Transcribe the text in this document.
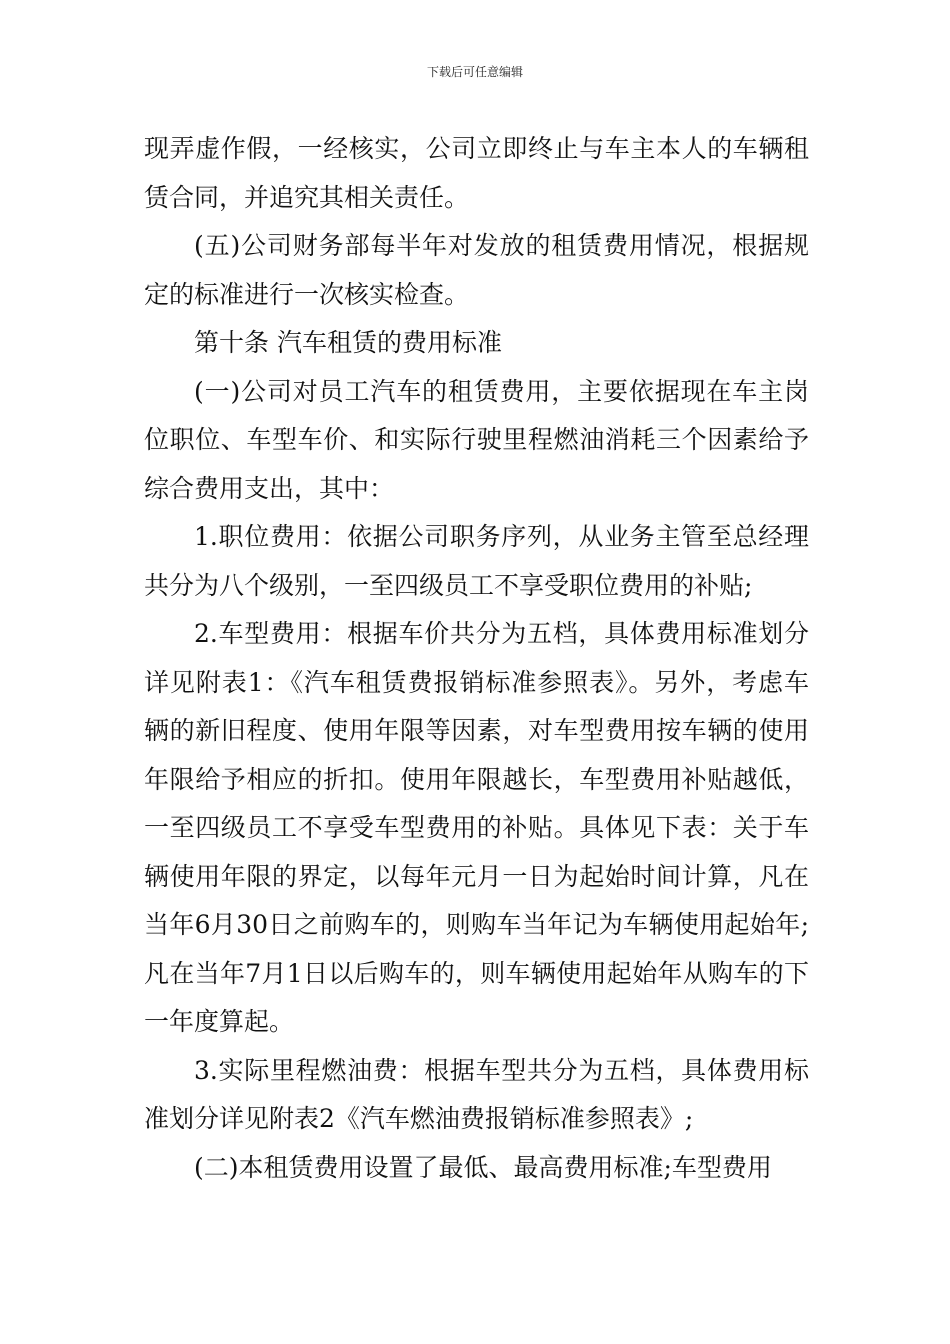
下载后可任意编辑

现弄虚作假，一经核实，公司立即终止与车主本人的车辆租赁合同，并追究其相关责任。

(五)公司财务部每半年对发放的租赁费用情况，根据规定的标准进行一次核实检查。

第十条 汽车租赁的费用标准

(一)公司对员工汽车的租赁费用，主要依据现在车主岗位职位、车型车价、和实际行驶里程燃油消耗三个因素给予综合费用支出，其中：

1.职位费用：依据公司职务序列，从业务主管至总经理共分为八个级别，一至四级员工不享受职位费用的补贴;

2.车型费用：根据车价共分为五档，具体费用标准划分详见附表1：《汽车租赁费报销标准参照表》。另外，考虑车辆的新旧程度、使用年限等因素，对车型费用按车辆的使用年限给予相应的折扣。使用年限越长，车型费用补贴越低，一至四级员工不享受车型费用的补贴。具体见下表：关于车辆使用年限的界定，以每年元月一日为起始时间计算，凡在当年6月30日之前购车的，则购车当年记为车辆使用起始年;凡在当年7月1日以后购车的，则车辆使用起始年从购车的下一年度算起。

3.实际里程燃油费：根据车型共分为五档，具体费用标准划分详见附表2《汽车燃油费报销标准参照表》;

(二)本租赁费用设置了最低、最高费用标准;车型费用
